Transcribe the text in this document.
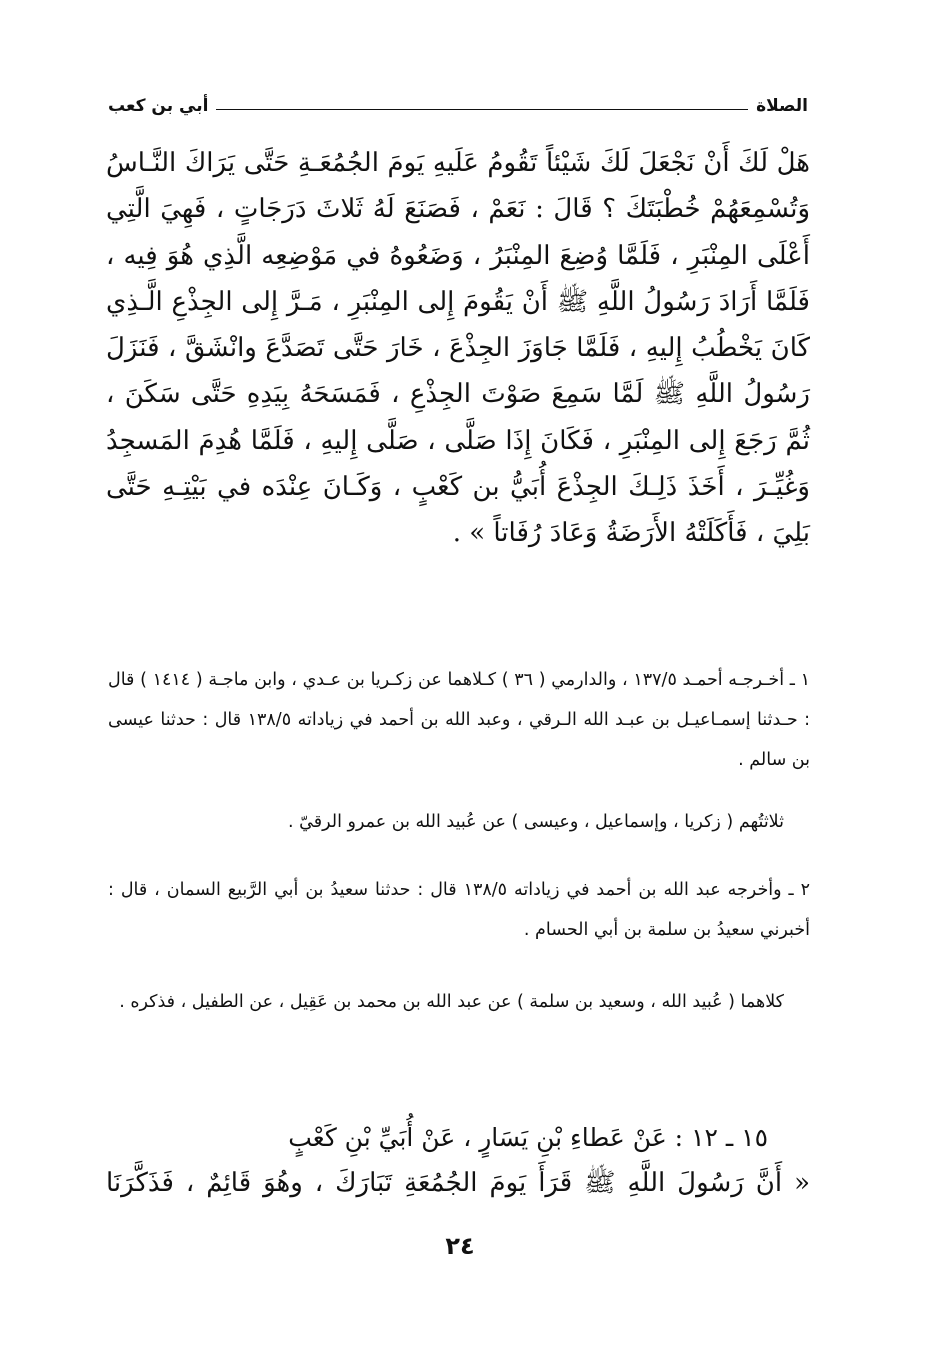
الصلاة
أبي بن كعب

هَلْ لَكَ أَنْ نَجْعَلَ لَكَ شَيْئاً تَقُومُ عَلَيهِ يَومَ الجُمُعَـةِ حَتَّى يَرَاكَ النَّـاسُ وَتُسْمِعَهُمْ خُطْبَتَكَ ؟ قَالَ : نَعَمْ ، فَصَنَعَ لَهُ ثَلاثَ دَرَجَاتٍ ، فَهِيَ الَّتِي أَعْلَى المِنْبَرِ ، فَلَمَّا وُضِعَ المِنْبَرُ ، وَضَعُوهُ في مَوْضِعِه الَّذِي هُوَ فِيه ، فَلَمَّا أَرَادَ رَسُولُ اللَّهِ ﷺ أَنْ يَقُومَ إِلى المِنْبَرِ ، مَـرَّ إِلى الجِذْعِ الَّـذِي كَانَ يَخْطُبُ إِليهِ ، فَلَمَّا جَاوَزَ الجِذْعَ ، خَارَ حَتَّى تَصَدَّعَ وانْشَقَّ ، فَنَزَلَ رَسُولُ اللَّهِ ﷺ لَمَّا سَمِعَ صَوْتَ الجِذْعِ ، فَمَسَحَهُ بِيَدِهِ حَتَّى سَكَنَ ، ثُمَّ رَجَعَ إِلى المِنْبَرِ ، فَكَانَ إِذَا صَلَّى ، صَلَّى إِليهِ ، فَلَمَّا هُدِمَ المَسجِدُ وَغُيِّـرَ ، أَخَذَ ذَلِـكَ الجِذْعَ أُبَيُّ بن كَعْبٍ ، وَكَـانَ عِنْدَه في بَيْتِـهِ حَتَّى بَلِيَ ، فَأَكَلَتْهُ الأَرَضَةُ وَعَادَ رُفَاتاً » .

١ ـ أخـرجـه أحمـد ١٣٧/٥ ، والدارمي ( ٣٦ ) كـلاهما عن زكـريا بن عـدي ، وابن ماجـة ( ١٤١٤ ) قال : حـدثنا إسمـاعيـل بن عبـد الله الـرقي ، وعبد الله بن أحمد في زياداته ١٣٨/٥ قال : حدثنا عيسى بن سالم .

ثلاثتُهم ( زكريا ، وإسماعيل ، وعيسى ) عن عُبيد الله بن عمرو الرقيّ .

٢ ـ وأخرجه عبد الله بن أحمد في زياداته ١٣٨/٥ قال : حدثنا سعيدُ بن أبي الرَّبيع السمان ، قال : أخبرني سعيدُ بن سلمة بن أبي الحسام .

كلاهما ( عُبيد الله ، وسعيد بن سلمة ) عن عبد الله بن محمد بن عَقِيل ، عن الطفيل ، فذكره .

١٥ ـ ١٢ : عَنْ عَطاءِ بْنِ يَسَارٍ ، عَنْ أُبَيِّ بْنِ كَعْبٍ

« أَنَّ رَسُولَ اللَّهِ ﷺ قَرَأَ يَومَ الجُمُعَةِ تَبَارَكَ ، وهُوَ قَائِمٌ ، فَذَكَّرَنَا

٢٤
